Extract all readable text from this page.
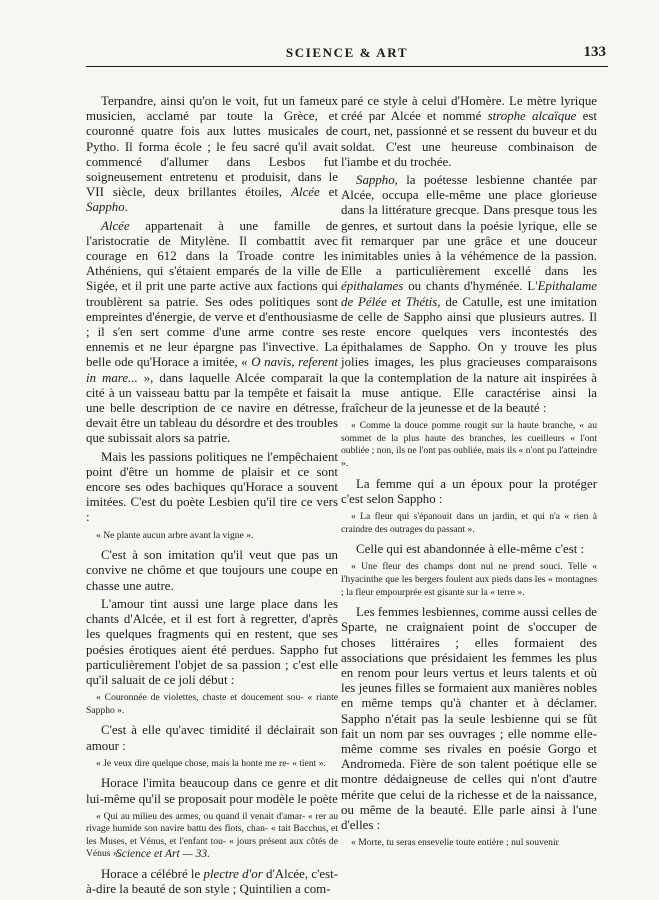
SCIENCE & ART	133

Terpandre, ainsi qu'on le voit, fut un fameux musicien, acclamé par toute la Grèce, et couronné quatre fois aux luttes musicales de Pytho. Il forma école ; le feu sacré qu'il avait commencé d'allumer dans Lesbos fut soigneusement entretenu et produisit, dans le VII siècle, deux brillantes étoiles, Alcée et Sappho.

Alcée appartenait à une famille de l'aristocratie de Mitylène. Il combattit avec courage en 612 dans la Troade contre les Athéniens, qui s'étaient emparés de la ville de Sigée, et il prit une parte active aux factions qui troublèrent sa patrie. Ses odes politiques sont empreintes d'énergie, de verve et d'enthousiasme ; il s'en sert comme d'une arme contre ses ennemis et ne leur épargne pas l'invective. La belle ode qu'Horace a imitée, « O navis, referent in mare... », dans laquelle Alcée comparait la cité à un vaisseau battu par la tempête et faisait une belle description de ce navire en détresse, devait être un tableau du désordre et des troubles que subissait alors sa patrie.

Mais les passions politiques ne l'empêchaient point d'être un homme de plaisir et ce sont encore ses odes bachiques qu'Horace a souvent imitées. C'est du poète Lesbien qu'il tire ce vers :

« Ne plante aucun arbre avant la vigne ».

C'est à son imitation qu'il veut que pas un convive ne chôme et que toujours une coupe en chasse une autre.

L'amour tint aussi une large place dans les chants d'Alcée, et il est fort à regretter, d'après les quelques fragments qui en restent, que ses poésies érotiques aient été perdues. Sappho fut particulièrement l'objet de sa passion ; c'est elle qu'il saluait de ce joli début :

« Couronnée de violettes, chaste et doucement sou- « riante Sappho ».

C'est à elle qu'avec timidité il déclairait son amour :

« Je veux dire quelque chose, mais la honte me re- « tient ».

Horace l'imita beaucoup dans ce genre et dit lui-même qu'il se proposait pour modèle le poète

« Qui au milieu des armes, ou quand il venait d'amar- « rer au rivage humide son navire battu des flots, chan- « tait Bacchus, et les Muses, et Vénus, et l'enfant tou- « jours présent aux côtés de Vénus ».

Horace a célébré le plectre d'or d'Alcée, c'est-à-dire la beauté de son style ; Quintilien a com-

paré ce style à celui d'Homère. Le mètre lyrique créé par Alcée et nommé strophe alcaïque est court, net, passionné et se ressent du buveur et du soldat. C'est une heureuse combinaison de l'iambe et du trochée.

Sappho, la poétesse lesbienne chantée par Alcée, occupa elle-même une place glorieuse dans la littérature grecque. Dans presque tous les genres, et surtout dans la poésie lyrique, elle se fit remarquer par une grâce et une douceur inimitables unies à la véhémence de la passion. Elle a particulièrement excellé dans les épithalames ou chants d'hyménée. L'Epithalame de Pélée et Thétis, de Catulle, est une imitation de celle de Sappho ainsi que plusieurs autres. Il reste encore quelques vers incontestés des épithalames de Sappho. On y trouve les plus jolies images, les plus gracieuses comparaisons que la contemplation de la nature ait inspirées à la muse antique. Elle caractérise ainsi la fraîcheur de la jeunesse et de la beauté :

« Comme la douce pomme rougit sur la haute branche, « au sommet de la plus haute des branches, les cueilleurs « l'ont oubliée ; non, ils ne l'ont pas oubliée, mais ils « n'ont pu l'atteindre ».

La femme qui a un époux pour la protéger c'est selon Sappho :

« La fleur qui s'épanouit dans un jardin, et qui n'a « rien à craindre des outrages du passant ».

Celle qui est abandonnée à elle-même c'est :

« Une fleur des champs dont nul ne prend souci. Telle « l'hyacinthe que les bergers foulent aux pieds dans les « montagnes ; la fleur empourprée est gisante sur la « terre ».

Les femmes lesbiennes, comme aussi celles de Sparte, ne craignaient point de s'occuper de choses littéraires ; elles formaient des associations que présidaient les femmes les plus en renom pour leurs vertus et leurs talents et où les jeunes filles se formaient aux manières nobles en même temps qu'à chanter et à déclamer. Sappho n'était pas la seule lesbienne qui se fût fait un nom par ses ouvrages ; elle nomme elle-même comme ses rivales en poésie Gorgo et Andromeda. Fière de son talent poétique elle se montre dédaigneuse de celles qui n'ont d'autre mérite que celui de la richesse et de la naissance, ou même de la beauté. Elle parle ainsi à l'une d'elles :

« Morte, tu seras ensevelie toute entière ; nul souvenir

Science et Art — 33.
